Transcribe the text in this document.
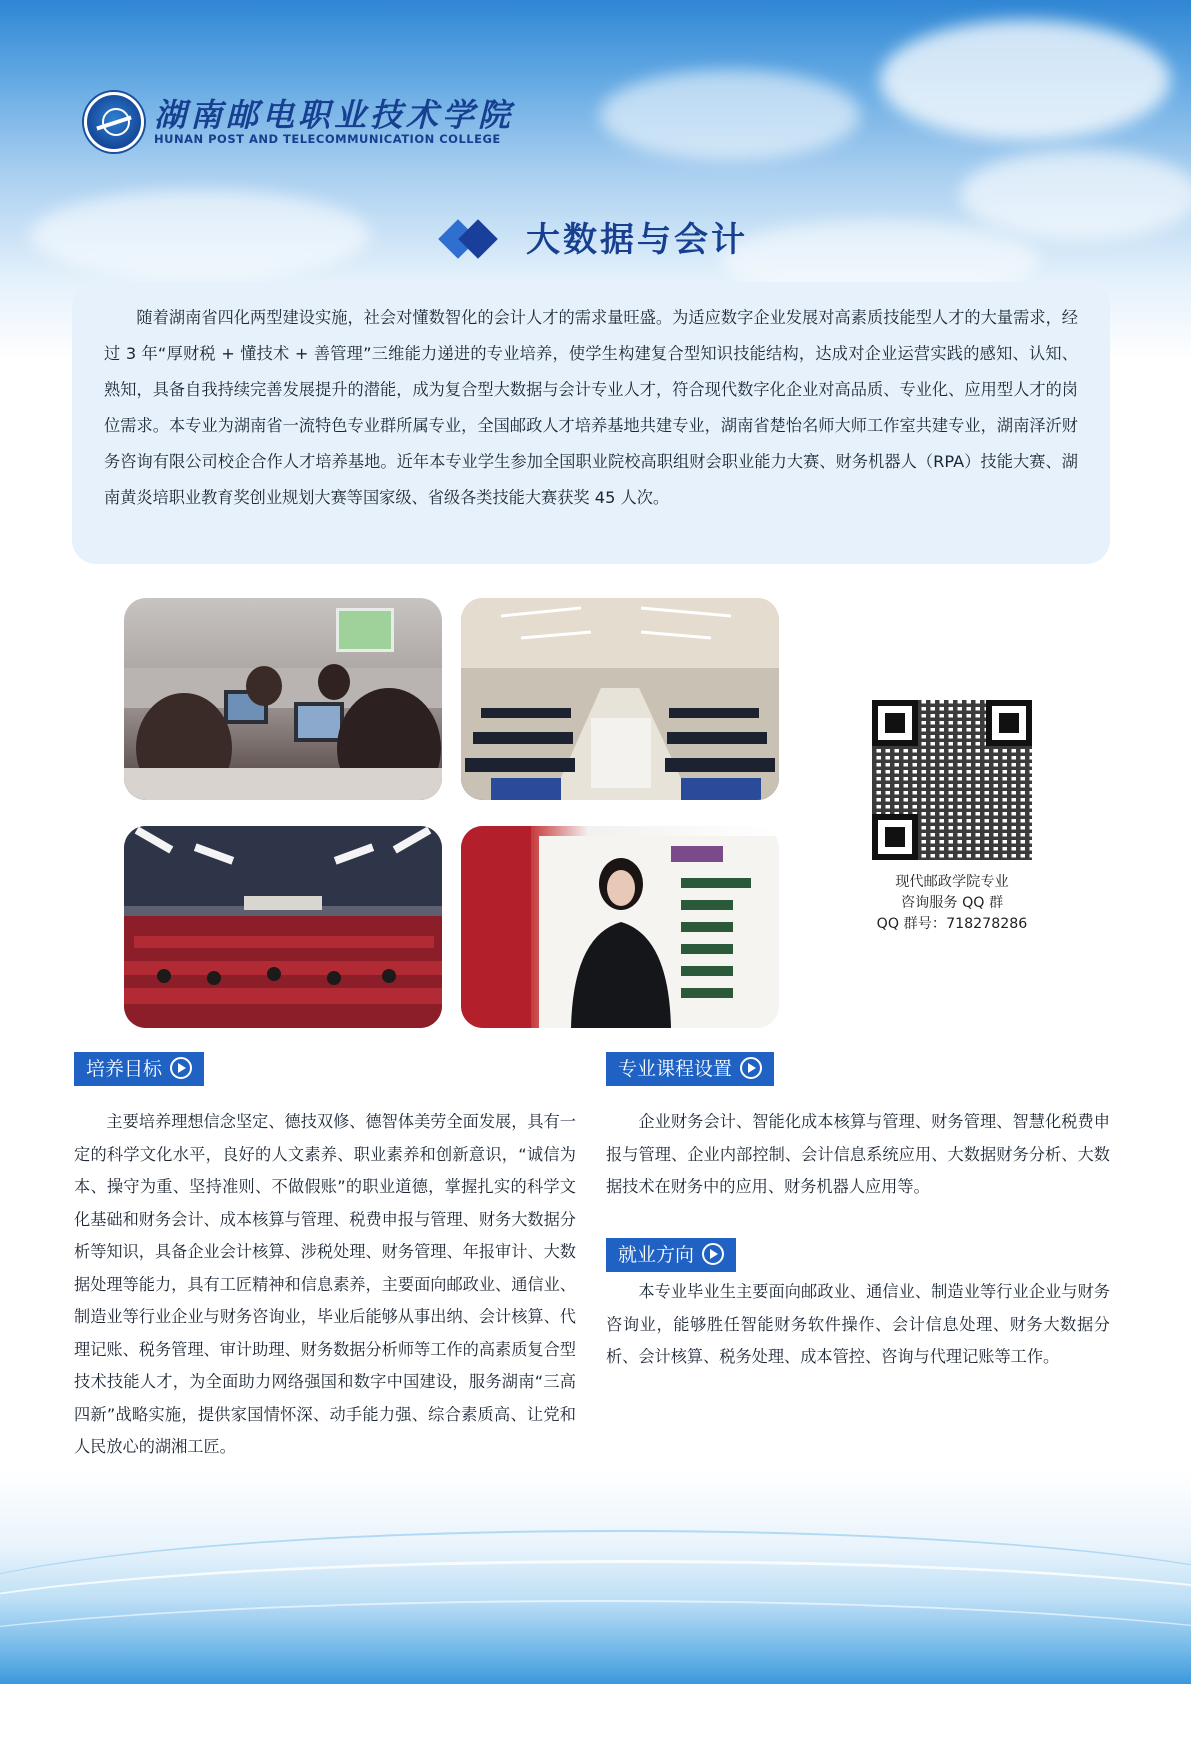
湖南邮电职业技术学院
HUNAN POST AND TELECOMMUNICATION COLLEGE
大数据与会计

随着湖南省四化两型建设实施，社会对懂数智化的会计人才的需求量旺盛。为适应数字企业发展对高素质技能型人才的大量需求，经过 3 年“厚财税 + 懂技术 + 善管理”三维能力递进的专业培养，使学生构建复合型知识技能结构，达成对企业运营实践的感知、认知、熟知，具备自我持续完善发展提升的潜能，成为复合型大数据与会计专业人才，符合现代数字化企业对高品质、专业化、应用型人才的岗位需求。本专业为湖南省一流特色专业群所属专业，全国邮政人才培养基地共建专业，湖南省楚怡名师大师工作室共建专业，湖南泽沂财务咨询有限公司校企合作人才培养基地。近年本专业学生参加全国职业院校高职组财会职业能力大赛、财务机器人（RPA）技能大赛、湖南黄炎培职业教育奖创业规划大赛等国家级、省级各类技能大赛获奖 45 人次。

现代邮政学院专业
咨询服务 QQ 群
QQ 群号：718278286
培养目标

主要培养理想信念坚定、德技双修、德智体美劳全面发展，具有一定的科学文化水平，良好的人文素养、职业素养和创新意识，“诚信为本、操守为重、坚持准则、不做假账”的职业道德，掌握扎实的科学文化基础和财务会计、成本核算与管理、税费申报与管理、财务大数据分析等知识，具备企业会计核算、涉税处理、财务管理、年报审计、大数据处理等能力，具有工匠精神和信息素养，主要面向邮政业、通信业、制造业等行业企业与财务咨询业，毕业后能够从事出纳、会计核算、代理记账、税务管理、审计助理、财务数据分析师等工作的高素质复合型技术技能人才，为全面助力网络强国和数字中国建设，服务湖南“三高四新”战略实施，提供家国情怀深、动手能力强、综合素质高、让党和人民放心的湖湘工匠。

专业课程设置

企业财务会计、智能化成本核算与管理、财务管理、智慧化税费申报与管理、企业内部控制、会计信息系统应用、大数据财务分析、大数据技术在财务中的应用、财务机器人应用等。

就业方向

本专业毕业生主要面向邮政业、通信业、制造业等行业企业与财务咨询业，能够胜任智能财务软件操作、会计信息处理、财务大数据分析、会计核算、税务处理、成本管控、咨询与代理记账等工作。
